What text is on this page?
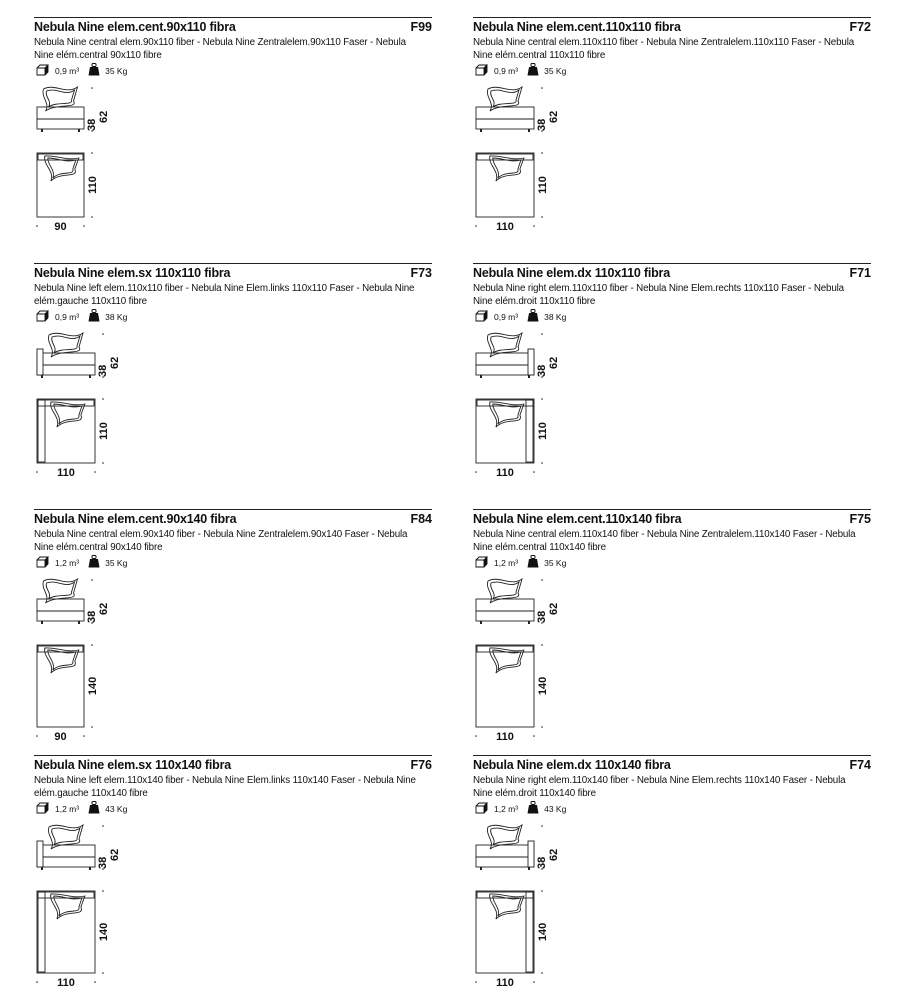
Nebula Nine elem.cent.90x110 fibra	F99
Nebula Nine central elem.90x110 fiber - Nebula Nine Zentralelem.90x110 Faser - Nebula Nine elém.central 90x110 fibre
0,9 m³	35 Kg
38
62
110
90
Nebula Nine elem.cent.110x110 fibra	F72
Nebula Nine central elem.110x110 fiber - Nebula Nine Zentralelem.110x110 Faser - Nebula Nine elém.central 110x110 fibre
0,9 m³	35 Kg
38
62
110
110
Nebula Nine elem.sx 110x110 fibra	F73
Nebula Nine left elem.110x110 fiber - Nebula Nine Elem.links 110x110 Faser - Nebula Nine elém.gauche 110x110 fibre
0,9 m³	38 Kg
38
62
110
110
Nebula Nine elem.dx 110x110 fibra	F71
Nebula Nine right elem.110x110 fiber - Nebula Nine Elem.rechts 110x110 Faser - Nebula Nine elém.droit 110x110 fibre
0,9 m³	38 Kg
38
62
110
110
Nebula Nine elem.cent.90x140 fibra	F84
Nebula Nine central elem.90x140 fiber - Nebula Nine Zentralelem.90x140 Faser - Nebula Nine elém.central 90x140 fibre
1,2 m³	35 Kg
38
62
140
90
Nebula Nine elem.cent.110x140 fibra	F75
Nebula Nine central elem.110x140 fiber - Nebula Nine Zentralelem.110x140 Faser - Nebula Nine elém.central 110x140 fibre
1,2 m³	35 Kg
38
62
140
110
Nebula Nine elem.sx 110x140 fibra	F76
Nebula Nine left elem.110x140 fiber - Nebula Nine Elem.links 110x140 Faser - Nebula Nine elém.gauche 110x140 fibre
1,2 m³	43 Kg
38
62
140
110
Nebula Nine elem.dx 110x140 fibra	F74
Nebula Nine right elem.110x140 fiber - Nebula Nine Elem.rechts 110x140 Faser - Nebula Nine elém.droit 110x140 fibre
1,2 m³	43 Kg
38
62
140
110
